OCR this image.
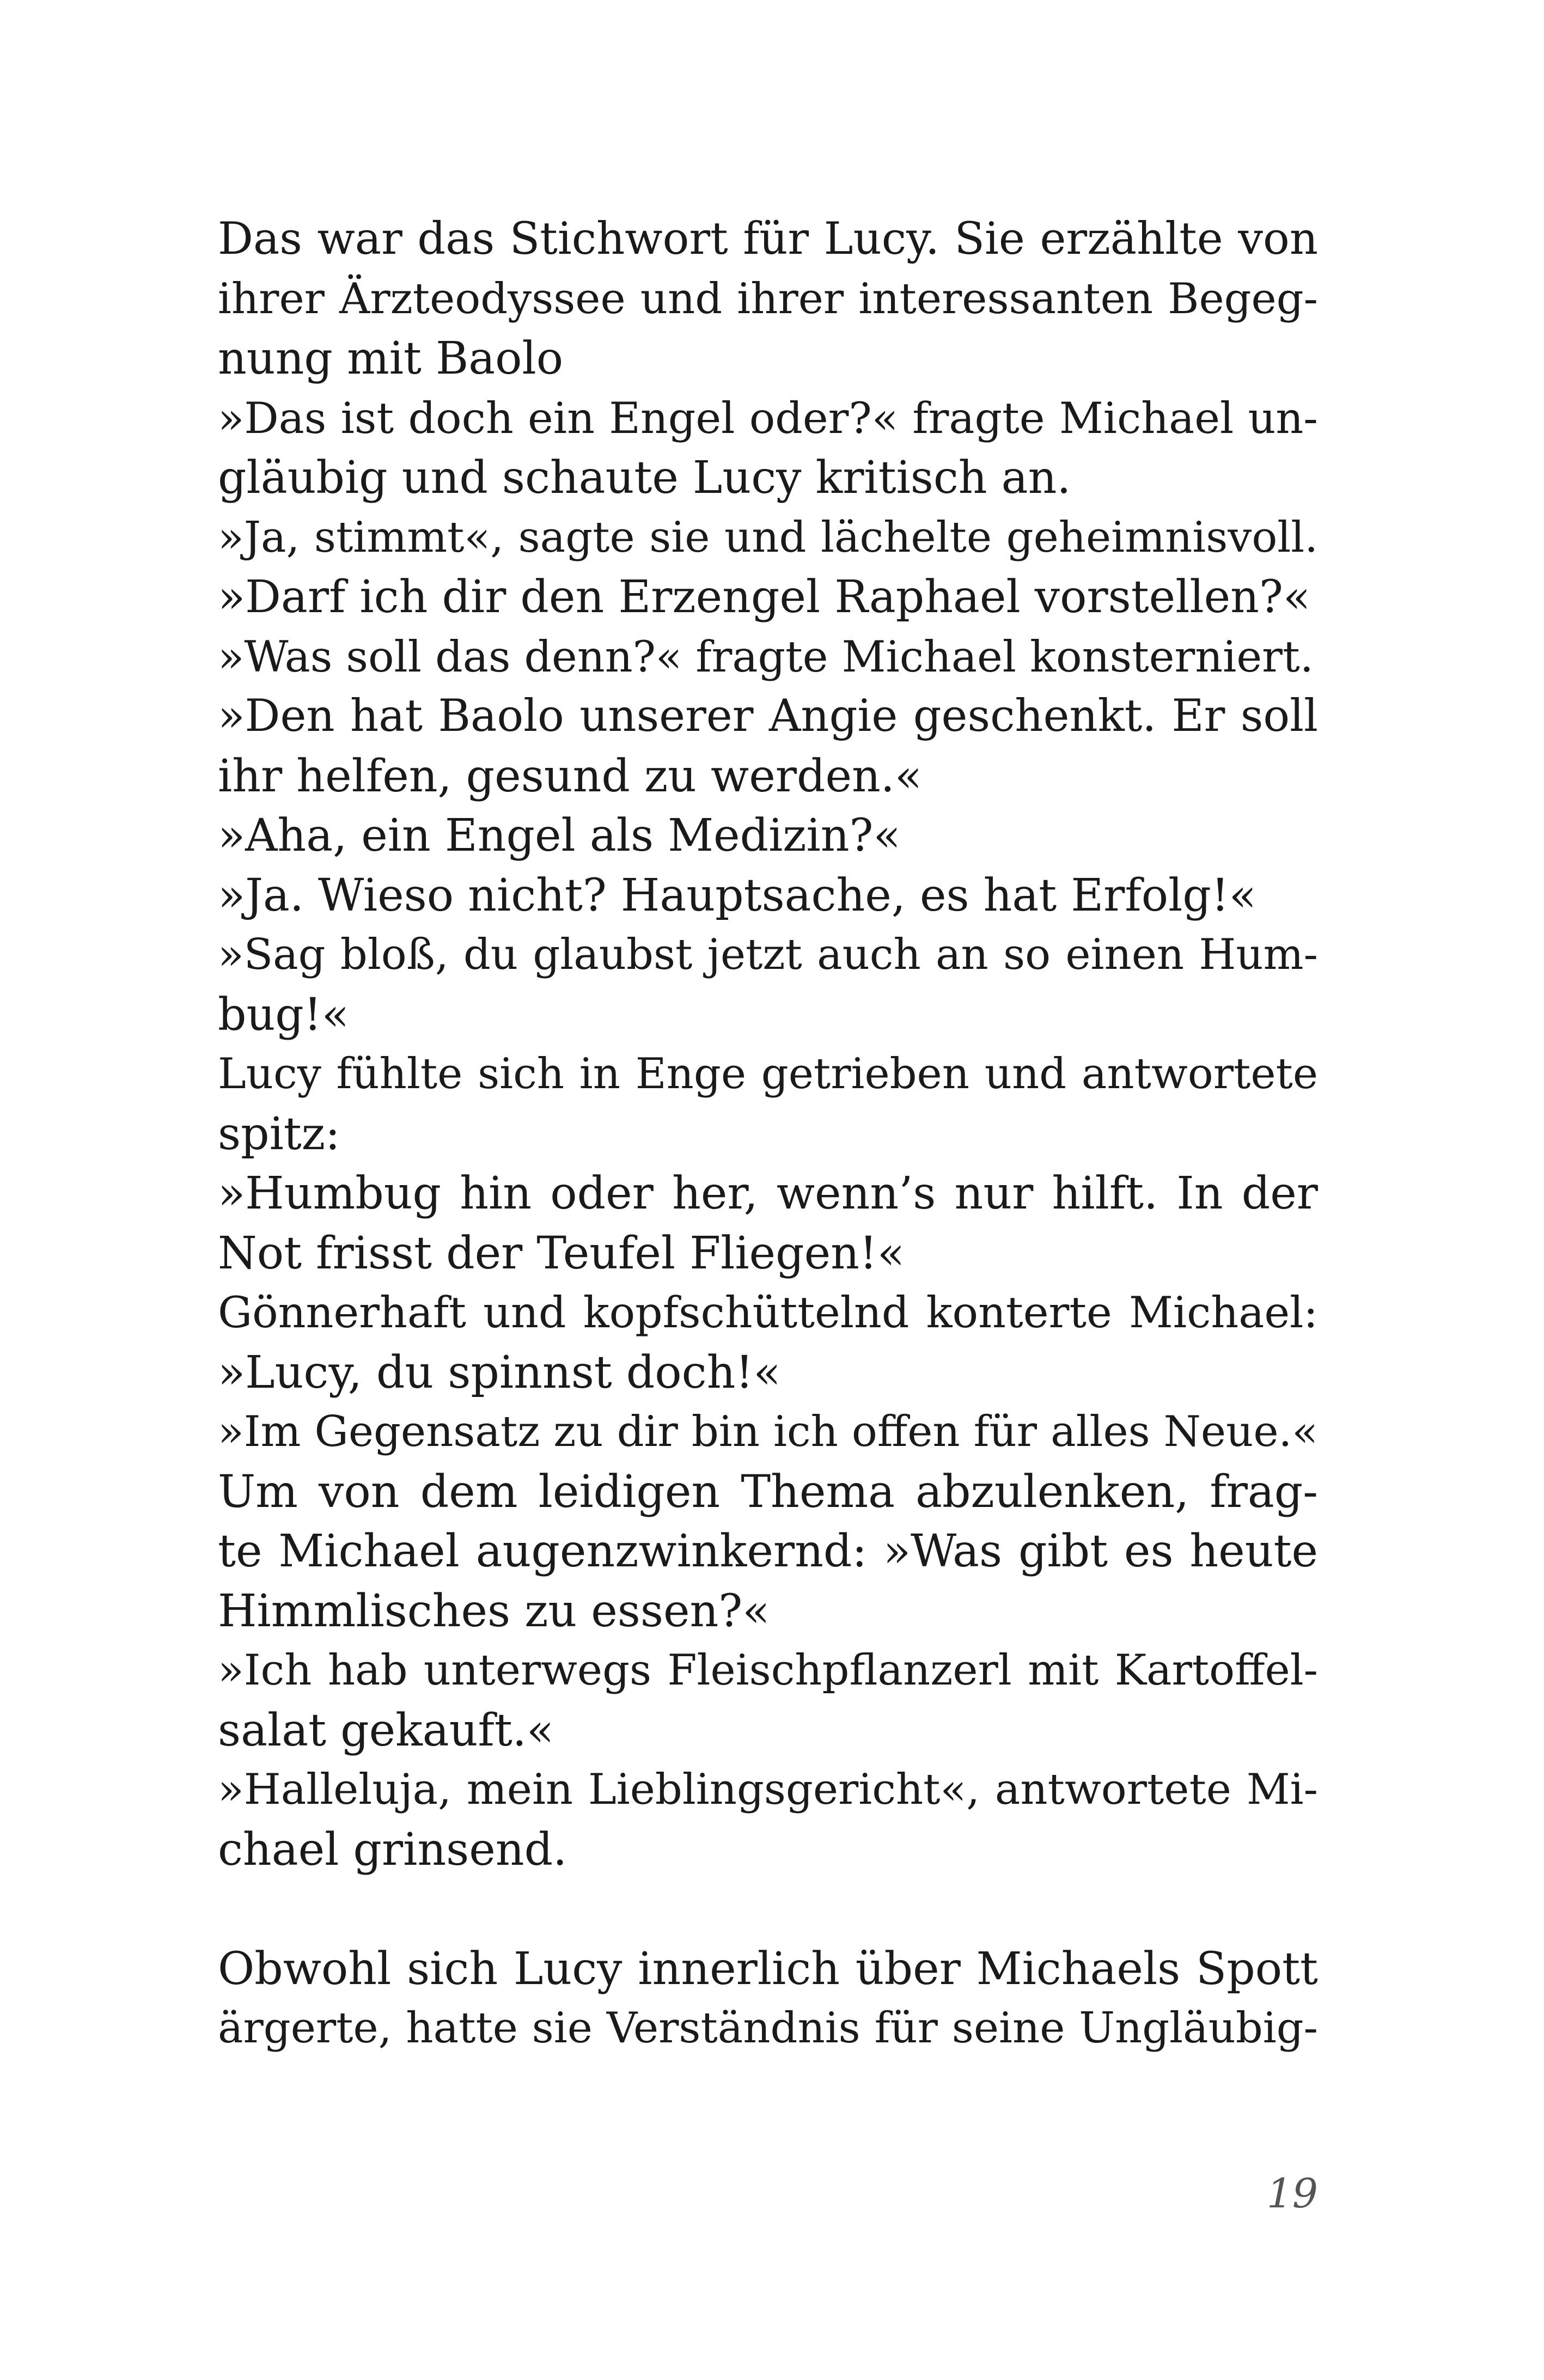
Das war das Stichwort für Lucy. Sie erzählte von
ihrer Ärzteodyssee und ihrer interessanten Begeg-
nung mit Baolo
»Das ist doch ein Engel oder?« fragte Michael un-
gläubig und schaute Lucy kritisch an.
»Ja, stimmt«, sagte sie und lächelte geheimnisvoll.
»Darf ich dir den Erzengel Raphael vorstellen?«
»Was soll das denn?« fragte Michael konsterniert.
»Den hat Baolo unserer Angie geschenkt. Er soll
ihr helfen, gesund zu werden.«
»Aha, ein Engel als Medizin?«
»Ja. Wieso nicht? Hauptsache, es hat Erfolg!«
»Sag bloß, du glaubst jetzt auch an so einen Hum-
bug!«
Lucy fühlte sich in Enge getrieben und antwortete
spitz:
»Humbug hin oder her, wenn’s nur hilft. In der
Not frisst der Teufel Fliegen!«
Gönnerhaft und kopfschüttelnd konterte Michael:
»Lucy, du spinnst doch!«
»Im Gegensatz zu dir bin ich offen für alles Neue.«
Um von dem leidigen Thema abzulenken, frag-
te Michael augenzwinkernd: »Was gibt es heute
Himmlisches zu essen?«
»Ich hab unterwegs Fleischpflanzerl mit Kartoffel-
salat gekauft.«
»Halleluja, mein Lieblingsgericht«, antwortete Mi-
chael grinsend.
Obwohl sich Lucy innerlich über Michaels Spott
ärgerte, hatte sie Verständnis für seine Ungläubig-
19
